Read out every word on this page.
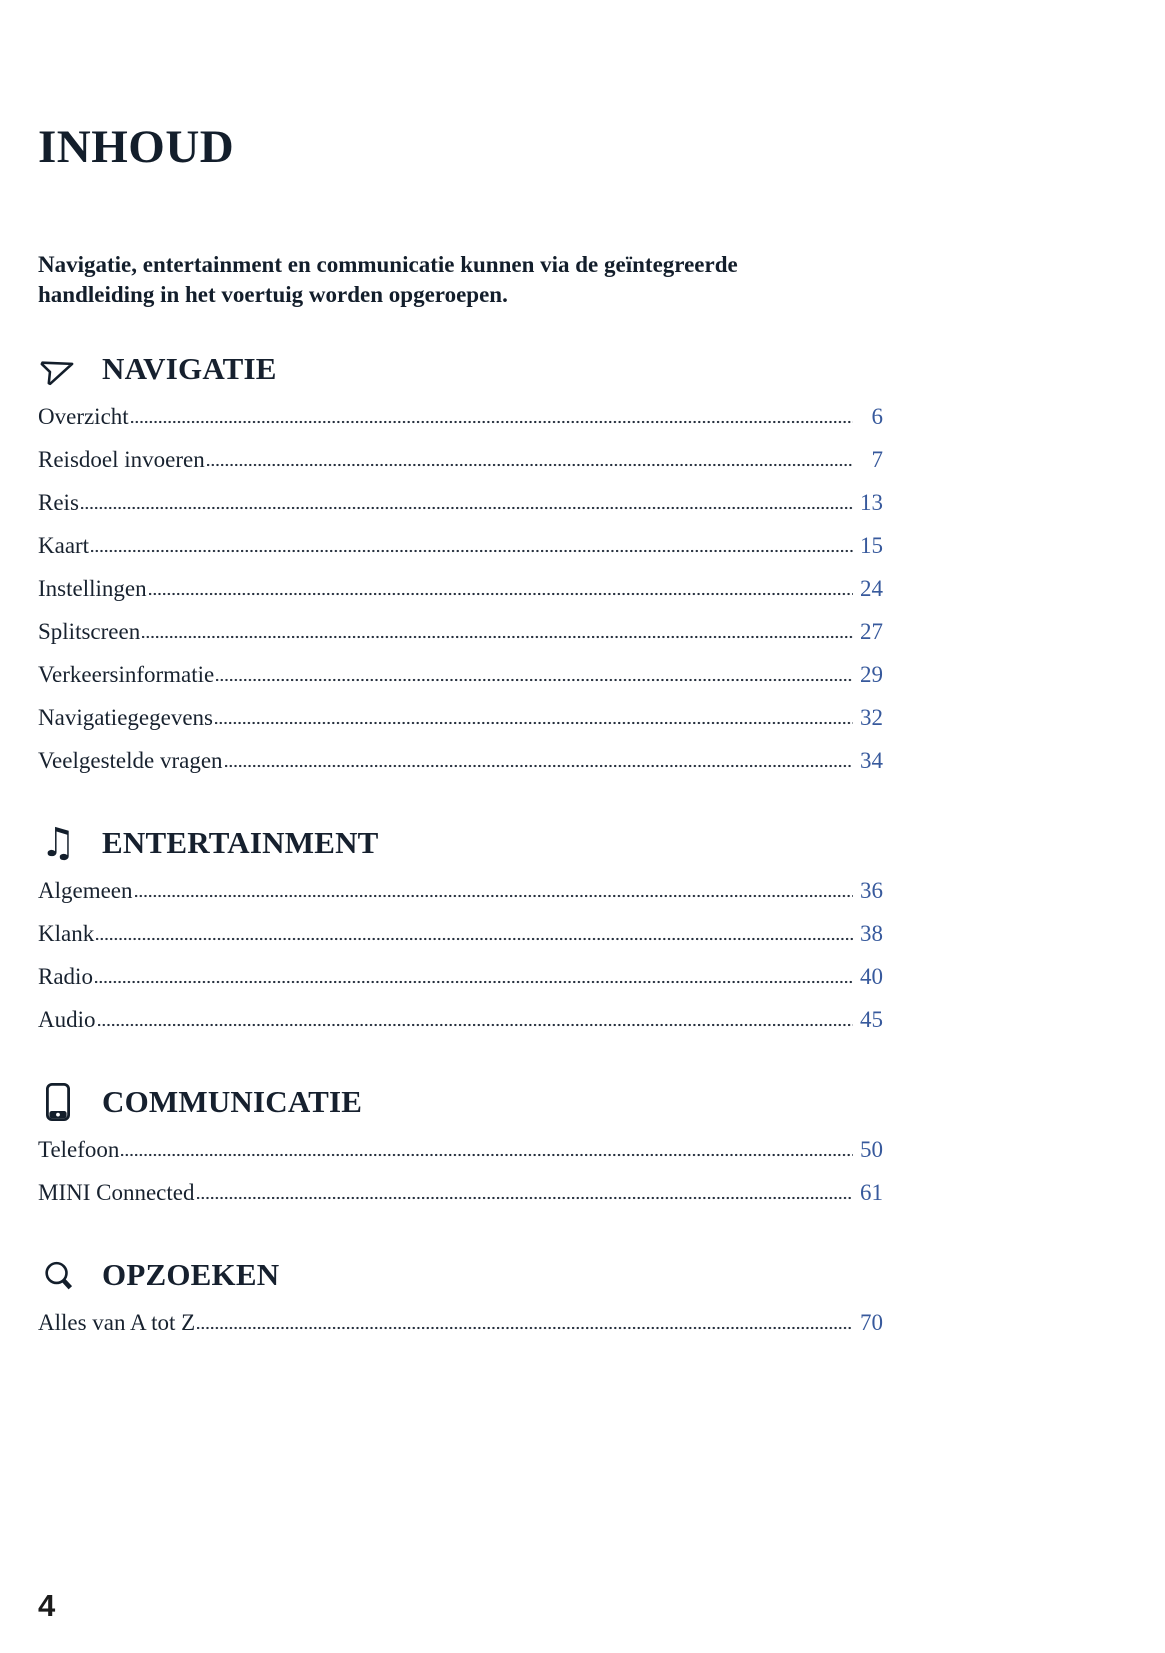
INHOUD

Navigatie, entertainment en communicatie kunnen via de geïntegreerde handleiding in het voertuig worden opgeroepen.

NAVIGATIE
Overzicht	6
Reisdoel invoeren	7
Reis	13
Kaart	15
Instellingen	24
Splitscreen	27
Verkeersinformatie	29
Navigatiegegevens	32
Veelgestelde vragen	34
♫ ENTERTAINMENT
Algemeen	36
Klank	38
Radio	40
Audio	45
COMMUNICATIE
Telefoon	50
MINI Connected	61
OPZOEKEN
Alles van A tot Z	70
4
